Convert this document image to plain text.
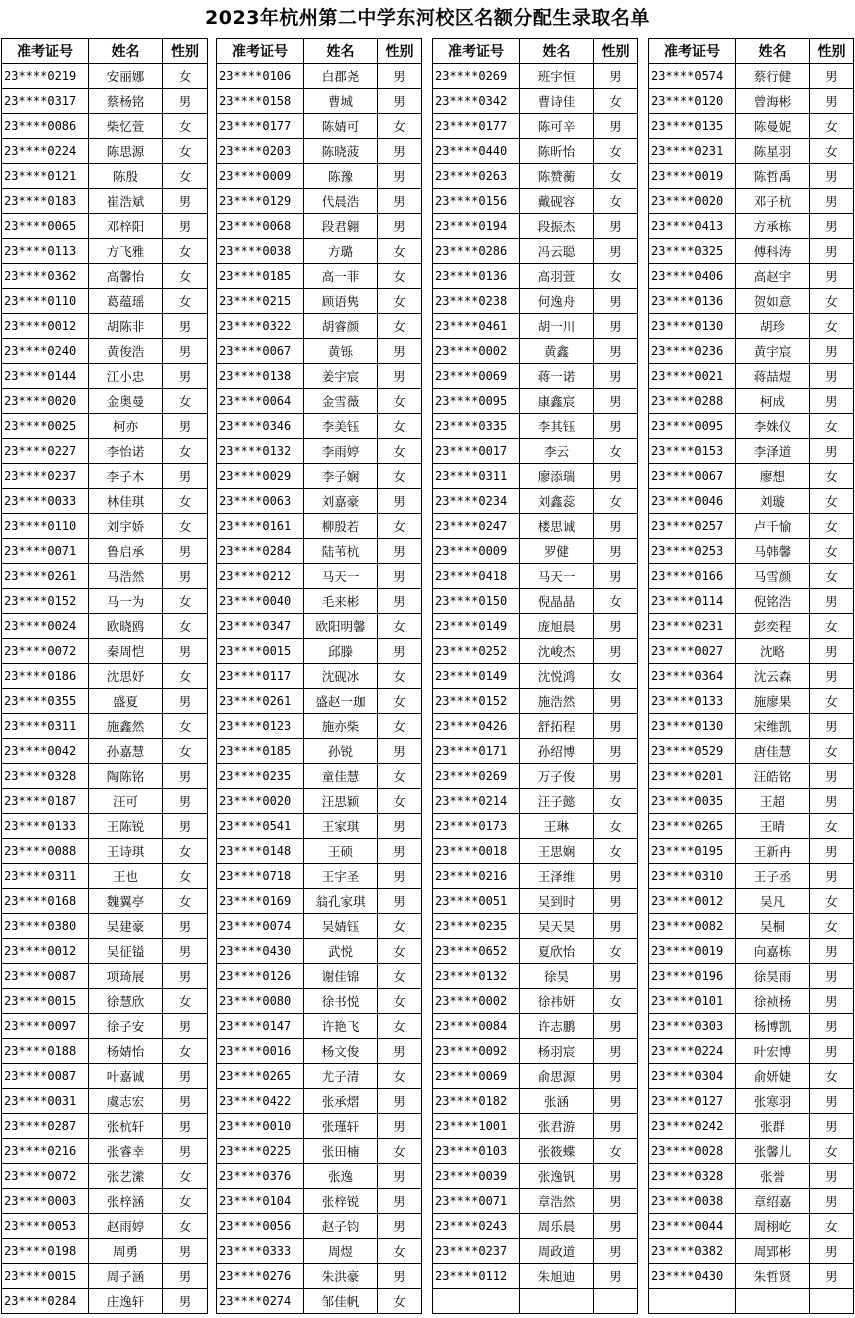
2023年杭州第二中学东河校区名额分配生录取名单
准考证号	姓名	性别
23****0219	安丽娜	女
23****0317	蔡杨铭	男
23****0086	柴忆萱	女
23****0224	陈思源	女
23****0121	陈殷	女
23****0183	崔浩斌	男
23****0065	邓梓阳	男
23****0113	方飞雅	女
23****0362	高馨怡	女
23****0110	葛蕴瑶	女
23****0012	胡陈非	男
23****0240	黄俊浩	男
23****0144	江小忠	男
23****0020	金奥曼	女
23****0025	柯亦	男
23****0227	李怡诺	女
23****0237	李子木	男
23****0033	林佳琪	女
23****0110	刘宇娇	女
23****0071	鲁启承	男
23****0261	马浩然	男
23****0152	马一为	女
23****0024	欧晓鸥	女
23****0072	秦周恺	男
23****0186	沈思妤	女
23****0355	盛夏	男
23****0311	施鑫然	女
23****0042	孙嘉慧	女
23****0328	陶陈铭	男
23****0187	汪可	男
23****0133	王陈锐	男
23****0088	王诗琪	女
23****0311	王也	女
23****0168	魏翼亭	女
23****0380	吴建豪	男
23****0012	吴征镒	男
23****0087	项琦展	男
23****0015	徐慧欣	女
23****0097	徐子安	男
23****0188	杨婧怡	女
23****0087	叶嘉诚	男
23****0031	虞志宏	男
23****0287	张杭轩	男
23****0216	张睿幸	男
23****0072	张艺潆	女
23****0003	张梓涵	女
23****0053	赵雨婷	女
23****0198	周勇	男
23****0015	周子涵	男
23****0284	庄逸轩	男
准考证号	姓名	性别
23****0106	白郡尧	男
23****0158	曹城	男
23****0177	陈婧可	女
23****0203	陈晓菠	男
23****0009	陈豫	男
23****0129	代晨浩	男
23****0068	段君翱	男
23****0038	方璐	女
23****0185	高一菲	女
23****0215	顾语隽	女
23****0322	胡睿颜	女
23****0067	黄铄	男
23****0138	姜宇宸	男
23****0064	金雪薇	女
23****0346	李美钰	女
23****0132	李雨婷	女
23****0029	李子娴	女
23****0063	刘嘉豪	男
23****0161	柳殷若	女
23****0284	陆苇杭	男
23****0212	马天一	男
23****0040	毛来彬	男
23****0347	欧阳明馨	女
23****0015	邱滕	男
23****0117	沈砚冰	女
23****0261	盛赵一珈	女
23****0123	施亦柴	女
23****0185	孙锐	男
23****0235	童佳慧	女
23****0020	汪思颖	女
23****0541	王家琪	男
23****0148	王硕	男
23****0718	王宇圣	男
23****0169	翁孔家琪	男
23****0074	吴婧钰	女
23****0430	武悦	女
23****0126	谢佳锦	女
23****0080	徐书悦	女
23****0147	许艳飞	女
23****0016	杨文俊	男
23****0265	尤子清	女
23****0422	张承熠	男
23****0010	张瑾轩	男
23****0225	张田楠	女
23****0376	张逸	男
23****0104	张梓锐	男
23****0056	赵子钧	男
23****0333	周煜	女
23****0276	朱洪豪	男
23****0274	邹佳帆	女
准考证号	姓名	性别
23****0269	班宇恒	男
23****0342	曹诗佳	女
23****0177	陈可辛	男
23****0440	陈昕怡	女
23****0263	陈赞蘅	女
23****0156	戴砚容	女
23****0194	段振杰	男
23****0286	冯云聪	男
23****0136	高羽萱	女
23****0238	何逸舟	男
23****0461	胡一川	男
23****0002	黄鑫	男
23****0069	蒋一诺	男
23****0095	康鑫宸	男
23****0335	李其钰	男
23****0017	李云	女
23****0311	廖添瑞	男
23****0234	刘鑫蕊	女
23****0247	楼思诚	男
23****0009	罗健	男
23****0418	马天一	男
23****0150	倪晶晶	女
23****0149	庞旭晨	男
23****0252	沈峻杰	男
23****0149	沈悦鸿	女
23****0152	施浩然	男
23****0426	舒拓程	男
23****0171	孙绍博	男
23****0269	万子俊	男
23****0214	汪子懿	女
23****0173	王琳	女
23****0018	王思娴	女
23****0216	王泽维	男
23****0051	吴到时	男
23****0235	吴天昊	男
23****0652	夏欣怡	女
23****0132	徐昊	男
23****0002	徐祎妍	女
23****0084	许志鹏	男
23****0092	杨羽宸	男
23****0069	俞思源	男
23****0182	张涵	男
23****1001	张君游	男
23****0103	张筱蝶	女
23****0039	张逸钒	男
23****0071	章浩然	男
23****0243	周乐晨	男
23****0237	周政道	男
23****0112	朱旭迪	男

准考证号	姓名	性别
23****0574	蔡行健	男
23****0120	曾海彬	男
23****0135	陈曼妮	女
23****0231	陈星羽	女
23****0019	陈哲禹	男
23****0020	邓子杭	男
23****0413	方承栋	男
23****0325	傅科涛	男
23****0406	高赵宇	男
23****0136	贺如意	女
23****0130	胡珍	女
23****0236	黄宇宸	男
23****0021	蒋喆煜	男
23****0288	柯成	男
23****0095	李姝仪	女
23****0153	李泽道	男
23****0067	廖想	女
23****0046	刘璇	女
23****0257	卢千愉	女
23****0253	马韩馨	女
23****0166	马雪颜	女
23****0114	倪铭浩	男
23****0231	彭奕程	女
23****0027	沈略	男
23****0364	沈云森	男
23****0133	施廖果	女
23****0130	宋维凯	男
23****0529	唐佳慧	女
23****0201	汪皓铭	男
23****0035	王超	男
23****0265	王晴	女
23****0195	王新冉	男
23****0310	王子丞	男
23****0012	吴凡	女
23****0082	吴桐	女
23****0019	向嘉栋	男
23****0196	徐昊雨	男
23****0101	徐祯杨	男
23****0303	杨博凯	男
23****0224	叶宏博	男
23****0304	俞妍婕	女
23****0127	张寒羽	男
23****0242	张群	男
23****0028	张馨儿	女
23****0328	张誉	男
23****0038	章绍嘉	男
23****0044	周栩屹	女
23****0382	周郢彬	男
23****0430	朱哲贤	男
